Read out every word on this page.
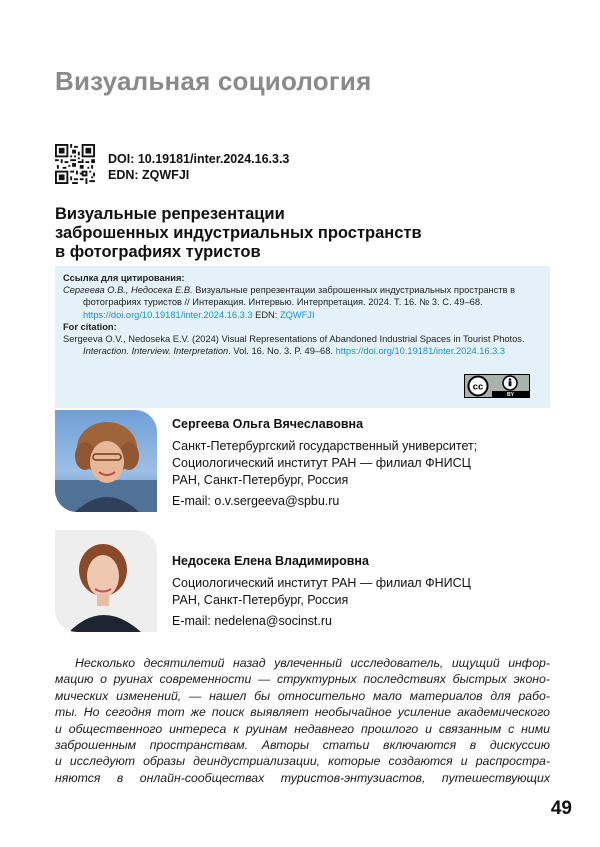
Визуальная социология
DOI: 10.19181/inter.2024.16.3.3
EDN: ZQWFJI
Визуальные репрезентации
заброшенных индустриальных пространств
в фотографиях туристов
Ссылка для цитирования:
Сергеева О.В., Недосека Е.В. Визуальные репрезентации заброшенных индустриальных пространств в фотографиях туристов // Интеракция. Интервью. Интерпретация. 2024. Т. 16. № 3. С. 49–68. https://doi.org/10.19181/inter.2024.16.3.3 EDN: ZQWFJI
For citation:
Sergeeva O.V., Nedoseka E.V. (2024) Visual Representations of Abandoned Industrial Spaces in Tourist Photos. Interaction. Interview. Interpretation. Vol. 16. No. 3. P. 49–68. https://doi.org/10.19181/inter.2024.16.3.3
cc
BY
Сергеева Ольга Вячеславовна
Санкт-Петербургский государственный университет;
Социологический институт РАН — филиал ФНИСЦ
РАН, Санкт-Петербург, Россия
E-mail: o.v.sergeeva@spbu.ru
Недосека Елена Владимировна
Социологический институт РАН — филиал ФНИСЦ
РАН, Санкт-Петербург, Россия
E-mail: nedelena@socinst.ru
Несколько десятилетий назад увлеченный исследователь, ищущий инфор-
мацию о руинах современности — структурных последствиях быстрых эконо-
мических изменений, — нашел бы относительно мало материалов для рабо-
ты. Но сегодня тот же поиск выявляет необычайное усиление академического
и общественного интереса к руинам недавнего прошлого и связанным с ними
заброшенным пространствам. Авторы статьи включаются в дискуссию
и исследуют образы деиндустриализации, которые создаются и распростра-
няются в онлайн-сообществах туристов-энтузиастов, путешествующих
49
